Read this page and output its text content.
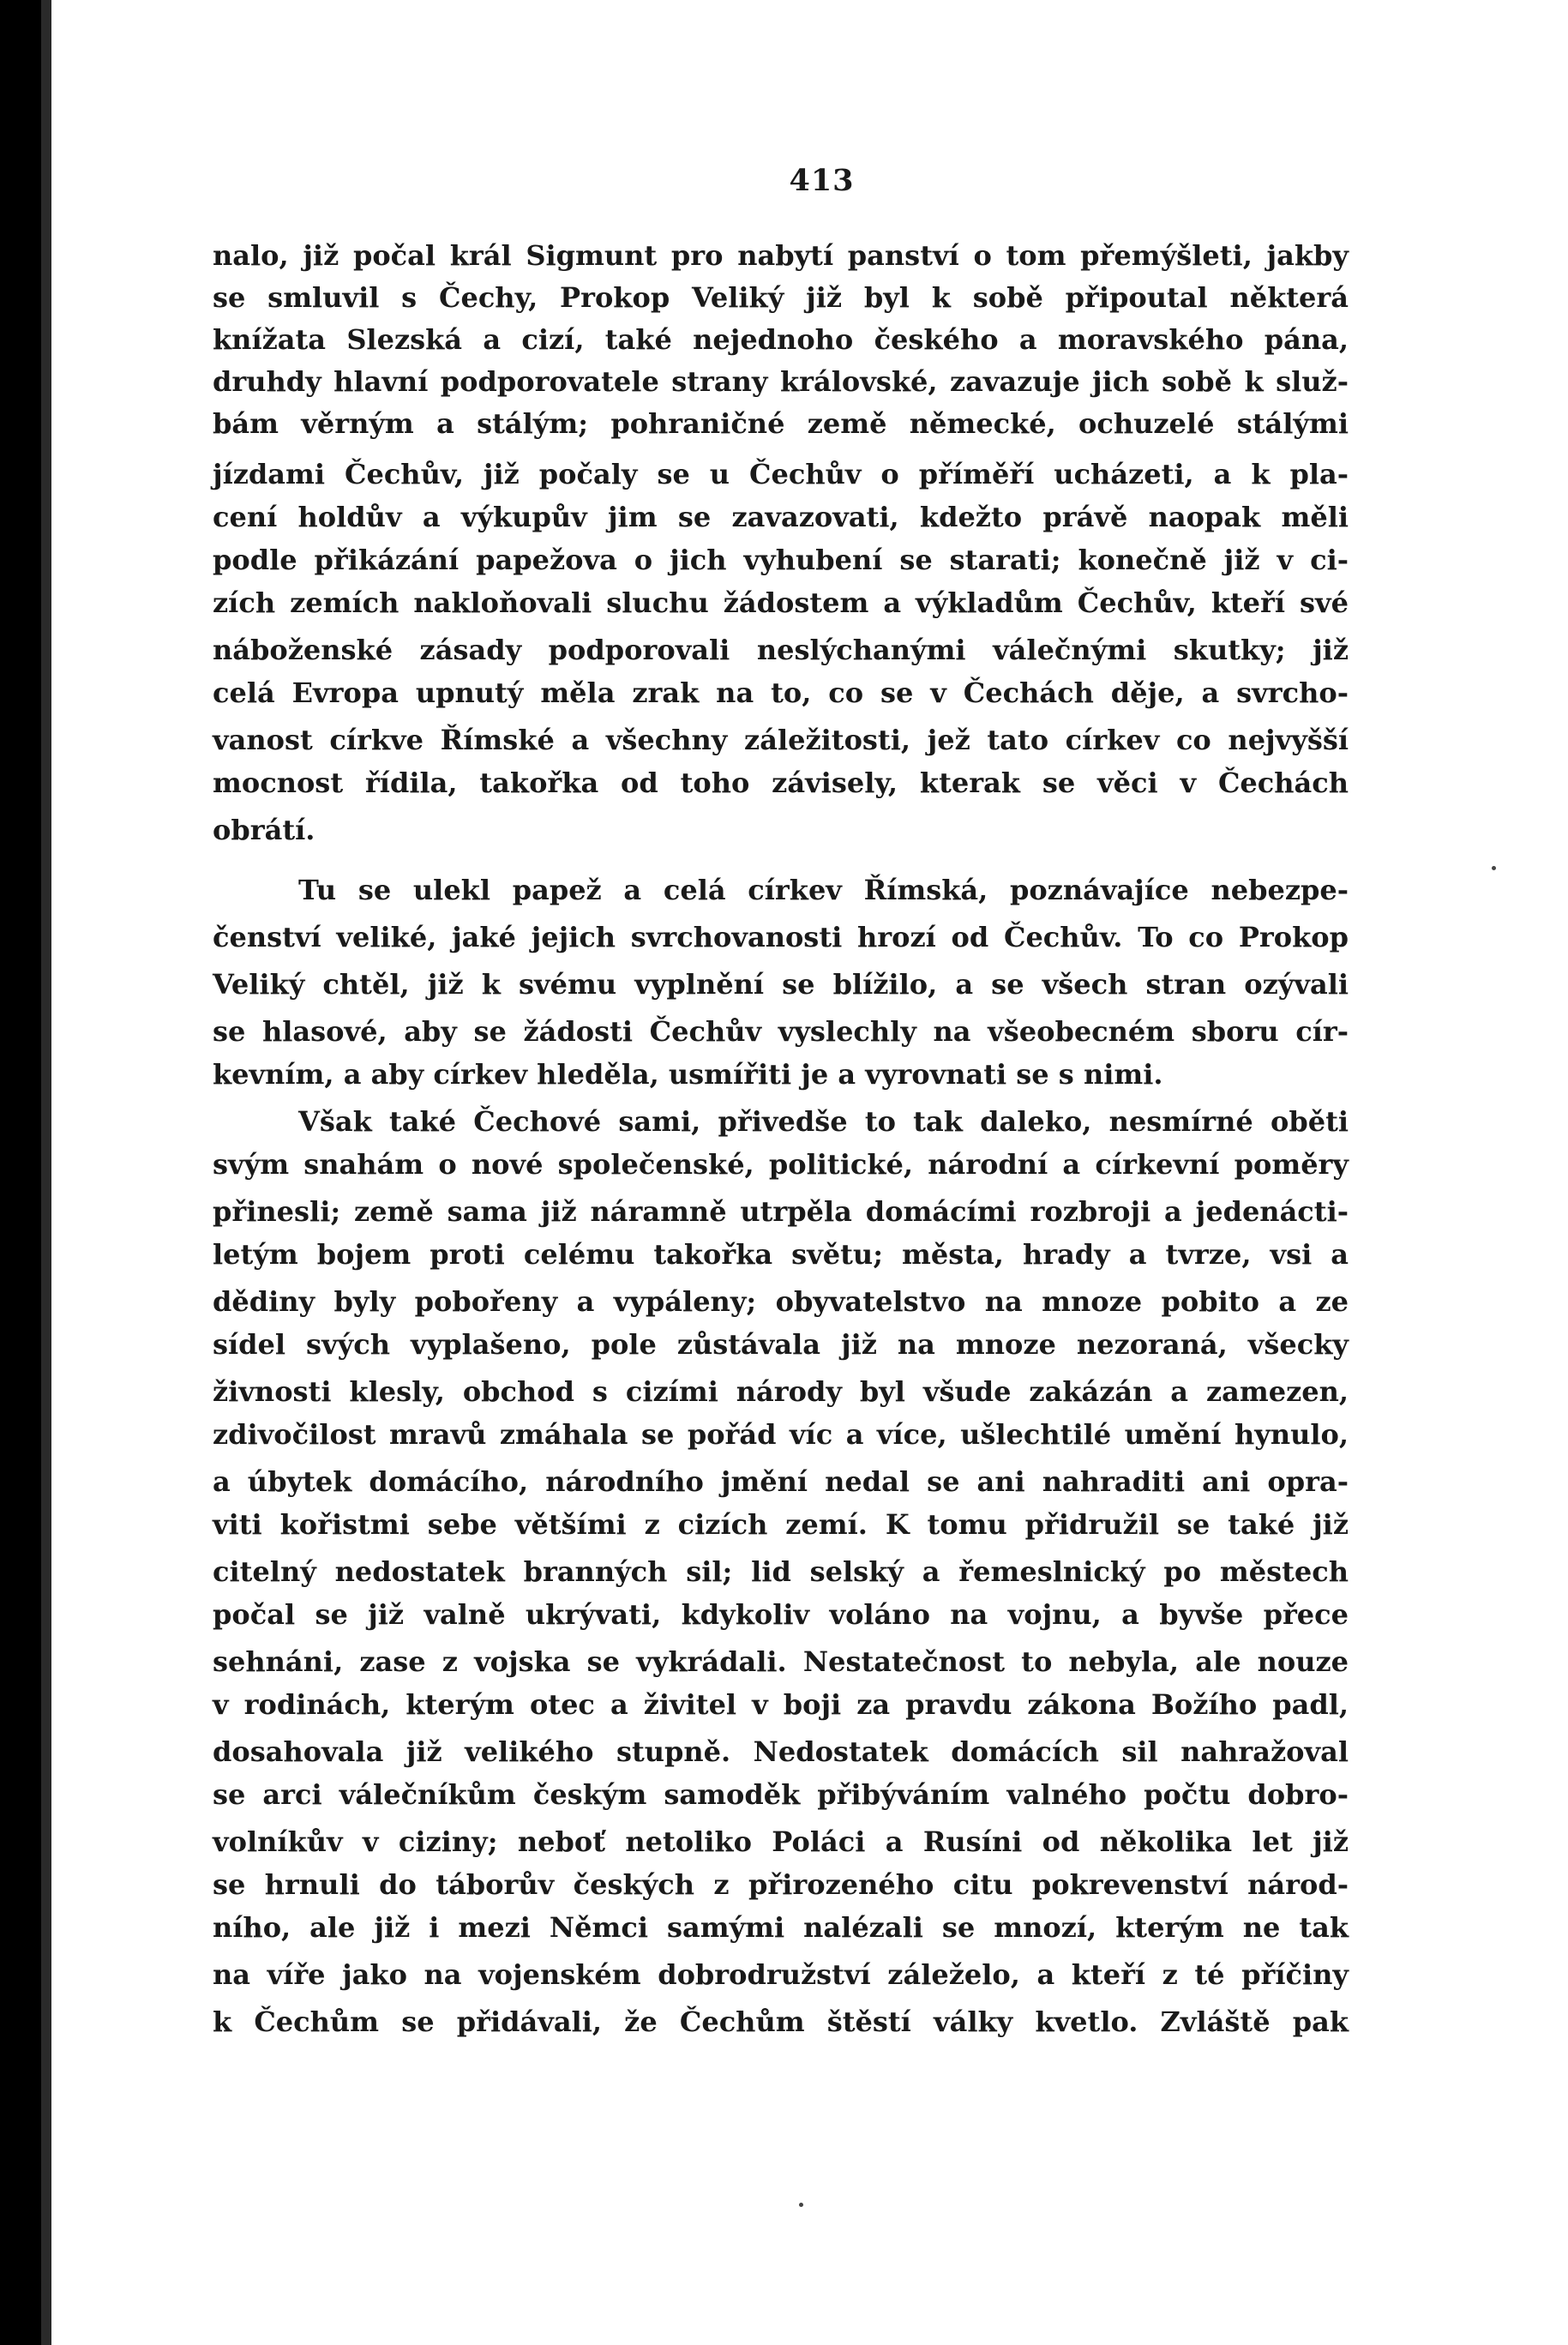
413

nalo, již počal král Sigmunt pro nabytí panství o tom přemýšleti, jakby

se smluvil s Čechy, Prokop Veliký již byl k sobě připoutal některá

knížata Slezská a cizí, také nejednoho českého a moravského pána,

druhdy hlavní podporovatele strany královské, zavazuje jich sobě k služ-

bám věrným a stálým; pohraničné země německé, ochuzelé stálými

jízdami Čechův, již počaly se u Čechův o příměří ucházeti, a k pla-

cení holdův a výkupův jim se zavazovati, kdežto právě naopak měli

podle přikázání papežova o jich vyhubení se starati; konečně již v ci-

zích zemích nakloňovali sluchu žádostem a výkladům Čechův, kteří své

náboženské zásady podporovali neslýchanými válečnými skutky; již

celá Evropa upnutý měla zrak na to, co se v Čechách děje, a svrcho-

vanost církve Římské a všechny záležitosti, jež tato církev co nejvyšší

mocnost řídila, takořka od toho závisely, kterak se věci v Čechách

obrátí.

Tu se ulekl papež a celá církev Římská, poznávajíce nebezpe-

čenství veliké, jaké jejich svrchovanosti hrozí od Čechův. To co Prokop

Veliký chtěl, již k svému vyplnění se blížilo, a se všech stran ozývali

se hlasové, aby se žádosti Čechův vyslechly na všeobecném sboru cír-

kevním, a aby církev hleděla, usmířiti je a vyrovnati se s nimi.

Však také Čechové sami, přivedše to tak daleko, nesmírné oběti

svým snahám o nové společenské, politické, národní a církevní poměry

přinesli; země sama již náramně utrpěla domácími rozbroji a jedenácti-

letým bojem proti celému takořka světu; města, hrady a tvrze, vsi a

dědiny byly pobořeny a vypáleny; obyvatelstvo na mnoze pobito a ze

sídel svých vyplašeno, pole zůstávala již na mnoze nezoraná, všecky

živnosti klesly, obchod s cizími národy byl všude zakázán a zamezen,

zdivočilost mravů zmáhala se pořád víc a více, ušlechtilé umění hynulo,

a úbytek domácího, národního jmění nedal se ani nahraditi ani opra-

viti kořistmi sebe většími z cizích zemí. K tomu přidružil se také již

citelný nedostatek branných sil; lid selský a řemeslnický po městech

počal se již valně ukrývati, kdykoliv voláno na vojnu, a byvše přece

sehnáni, zase z vojska se vykrádali. Nestatečnost to nebyla, ale nouze

v rodinách, kterým otec a živitel v boji za pravdu zákona Božího padl,

dosahovala již velikého stupně. Nedostatek domácích sil nahražoval

se arci válečníkům českým samoděk přibýváním valného počtu dobro-

volníkův v ciziny; neboť netoliko Poláci a Rusíni od několika let již

se hrnuli do táborův českých z přirozeného citu pokrevenství národ-

ního, ale již i mezi Němci samými nalézali se mnozí, kterým ne tak

na víře jako na vojenském dobrodružství záleželo, a kteří z té příčiny

k Čechům se přidávali, že Čechům štěstí války kvetlo. Zvláště pak
